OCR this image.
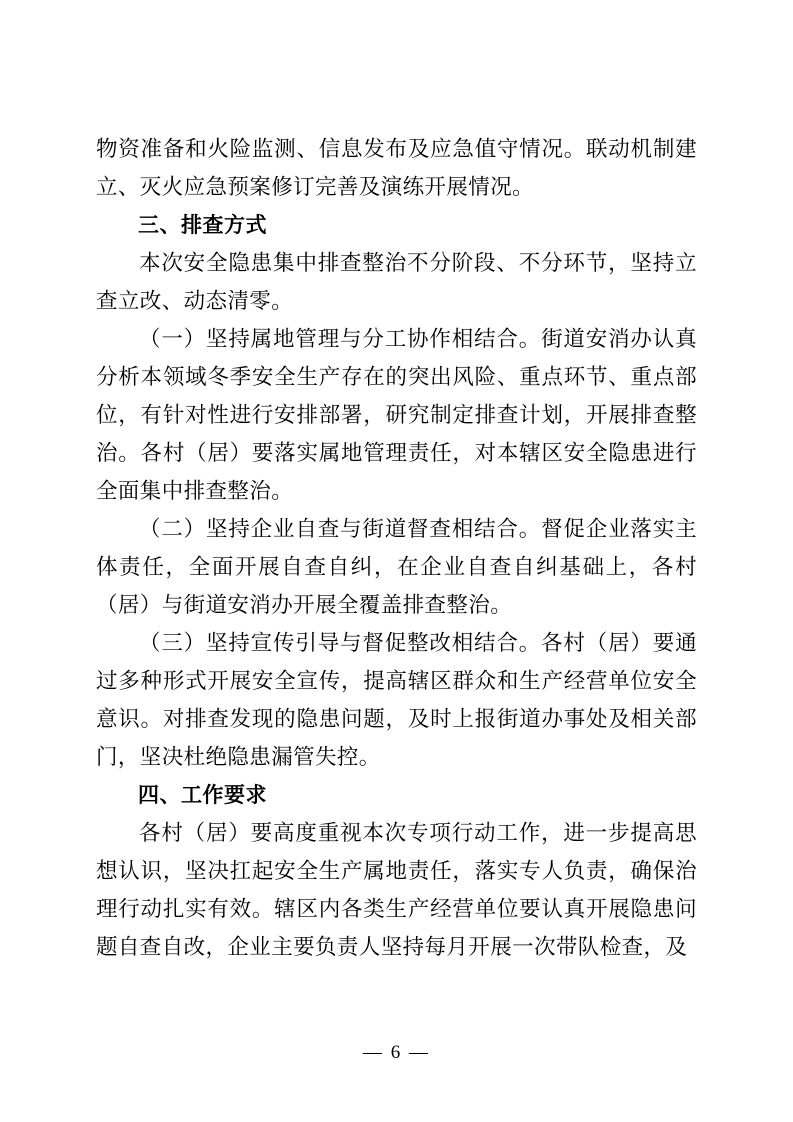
物资准备和火险监测、信息发布及应急值守情况。联动机制建立、灭火应急预案修订完善及演练开展情况。

三、排查方式

本次安全隐患集中排查整治不分阶段、不分环节，坚持立查立改、动态清零。

（一）坚持属地管理与分工协作相结合。街道安消办认真分析本领域冬季安全生产存在的突出风险、重点环节、重点部位，有针对性进行安排部署，研究制定排查计划，开展排查整治。各村（居）要落实属地管理责任，对本辖区安全隐患进行全面集中排查整治。

（二）坚持企业自查与街道督查相结合。督促企业落实主体责任，全面开展自查自纠，在企业自查自纠基础上，各村（居）与街道安消办开展全覆盖排查整治。

（三）坚持宣传引导与督促整改相结合。各村（居）要通过多种形式开展安全宣传，提高辖区群众和生产经营单位安全意识。对排查发现的隐患问题，及时上报街道办事处及相关部门，坚决杜绝隐患漏管失控。

四、工作要求

各村（居）要高度重视本次专项行动工作，进一步提高思想认识，坚决扛起安全生产属地责任，落实专人负责，确保治理行动扎实有效。辖区内各类生产经营单位要认真开展隐患问题自查自改，企业主要负责人坚持每月开展一次带队检查，及

— 6 —
